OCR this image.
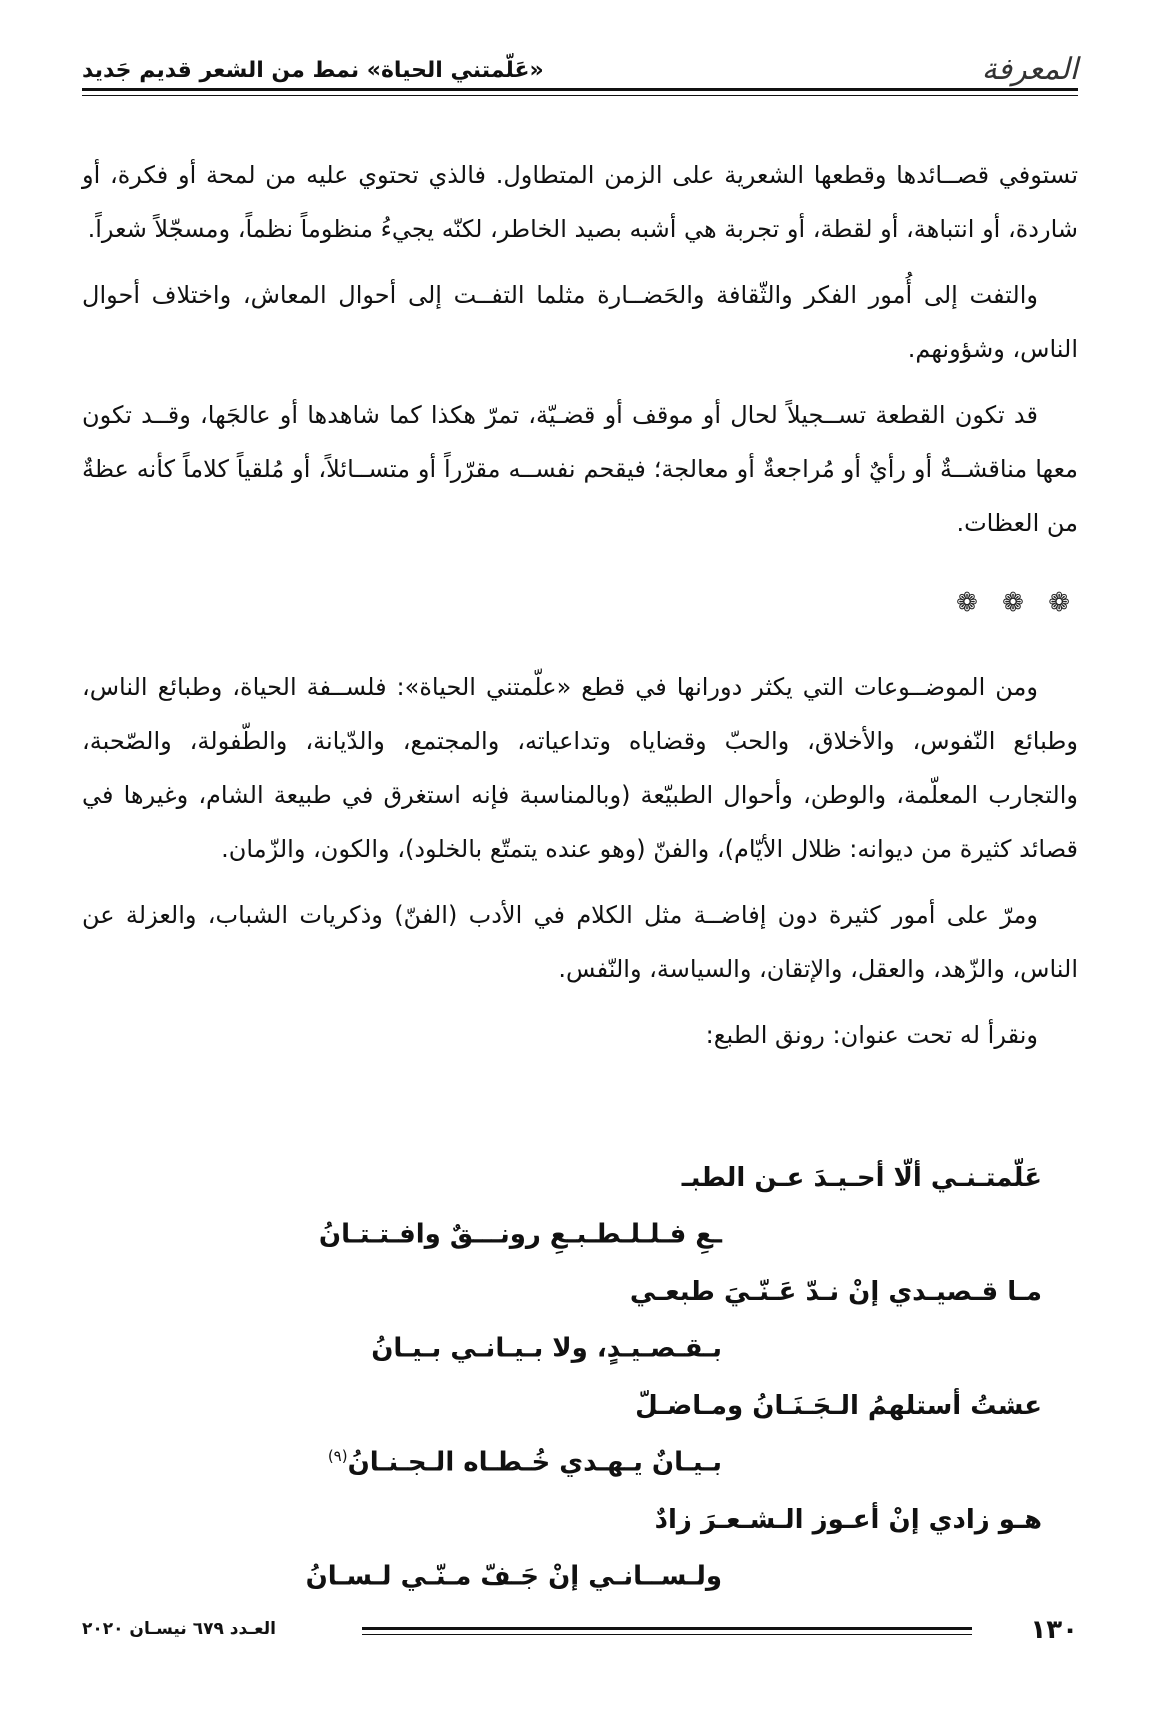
المعرفة
«عَلّمتني الحياة» نمط من الشعر قديم جَديد

تستوفي قصــائدها وقطعها الشعرية على الزمن المتطاول. فالذي تحتوي عليه من لمحة أو فكرة، أو شاردة، أو انتباهة، أو لقطة، أو تجربة هي أشبه بصيد الخاطر، لكنّه يجيءُ منظوماً نظماً، ومسجّلاً شعراً.

والتفت إلى أُمور الفكر والثّقافة والحَضــارة مثلما التفــت إلى أحوال المعاش، واختلاف أحوال الناس، وشؤونهم.

قد تكون القطعة تســجيلاً لحال أو موقف أو قضـيّة، تمرّ هكذا كما شاهدها أو عالجَها، وقــد تكون معها مناقشــةٌ أو رأيٌ أو مُراجعةٌ أو معالجة؛ فيقحم نفســه مقرّراً أو متســائلاً، أو مُلقياً كلاماً كأنه عظةٌ من العظات.

❁ ❁ ❁

ومن الموضــوعات التي يكثر دورانها في قطع «علّمتني الحياة»: فلســفة الحياة، وطبائع الناس، وطبائع النّفوس، والأخلاق، والحبّ وقضاياه وتداعياته، والمجتمع، والدّيانة، والطّفولة، والصّحبة، والتجارب المعلّمة، والوطن، وأحوال الطبيّعة (وبالمناسبة فإنه استغرق في طبيعة الشام، وغيرها في قصائد كثيرة من ديوانه: ظلال الأيّام)، والفنّ (وهو عنده يتمتّع بالخلود)، والكون، والزّمان.

ومرّ على أمور كثيرة دون إفاضــة مثل الكلام في الأدب (الفنّ) وذكريات الشباب، والعزلة عن الناس، والزّهد، والعقل، والإتقان، والسياسة، والنّفس.

ونقرأ له تحت عنوان: رونق الطبع:

عَلّمتـنـي ألّا أحـيـدَ عـن الطبـ
ـعِ فـلـلـطـبـعِ رونـــقٌ وافـتـتـانُ
مـا قـصيـدي إنْ نـدّ عَـنّـيَ طبعـي
بـقـصـيـدٍ، ولا بـيـانـي بـيـانُ
عشتُ أستلهمُ الـجَـنَـانُ ومـاضـلّ
بـيـانٌ يـهـدي خُـطـاه الـجـنـانُ$^{(٩)}$
هـو زادي إنْ أعـوز الـشـعـرَ زادٌ
ولـســانـي إنْ جَـفّ مـنّـي لـسـانُ
١٣٠
العـدد ٦٧٩ نيسـان ٢٠٢٠
